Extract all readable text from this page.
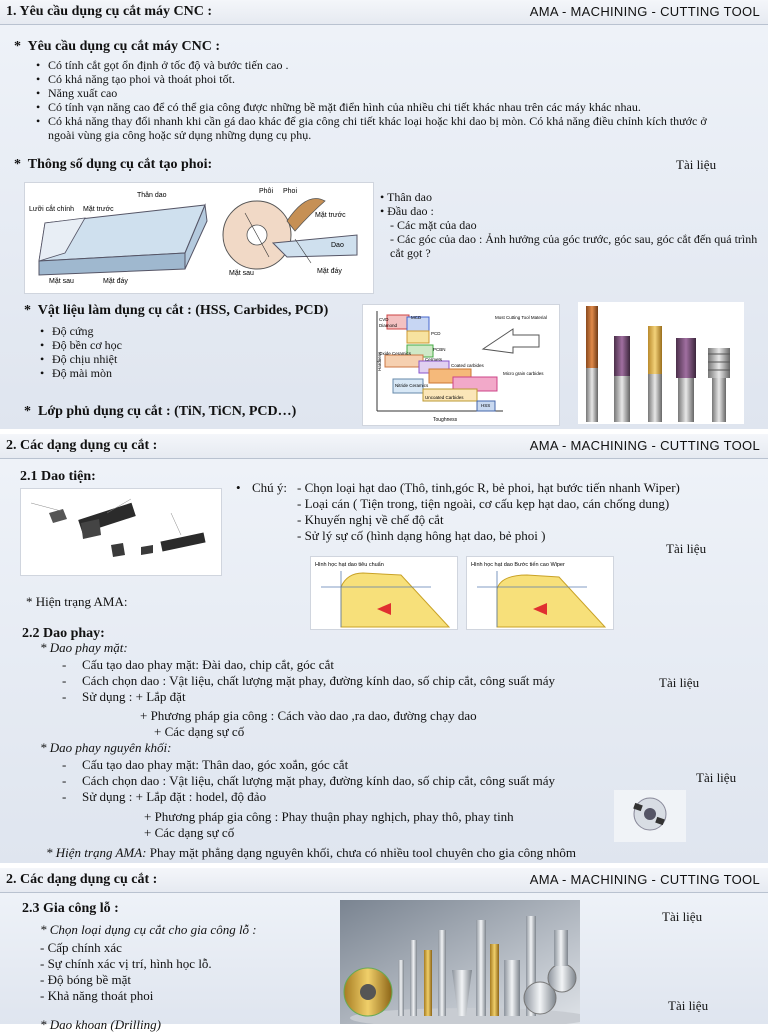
1. Yêu cầu dụng cụ cắt máy CNC :	AMA - MACHINING - CUTTING TOOL
* Yêu cầu dụng cụ cắt máy CNC :
• Có tính cắt gọt ổn định ở tốc độ và bước tiến cao .
• Có khả năng tạo phoi và thoát phoi tốt.
• Năng xuất cao
• Có tính vạn năng cao để có thể gia công được những bề mặt điển hình của nhiều chi tiết khác nhau trên các máy khác nhau.
• Có khả năng thay đổi nhanh khi cần gá dao khác để gia công chi tiết khác loại hoặc khi dao bị mòn. Có khả năng điều chỉnh kích thước ở ngoài vùng gia công hoặc sử dụng những dụng cụ phụ.
* Thông số dụng cụ cắt tạo phoi:	Tài liệu
Thân dao
Lưỡi cắt chính Mặt trước
Mặt sau	Mặt đáy
Phôi Phoi
Mặt trước
Dao
Mặt sau	Mặt đáy
• Thân dao
• Đầu dao :
- Các mặt của dao
- Các góc của dao : Ảnh hưởng của góc trước, góc sau, góc cắt đến quá trình cắt gọt ?
* Vật liệu làm dụng cụ cắt : (HSS, Carbides, PCD)
• Độ cứng
• Độ bền cơ học
• Độ chịu nhiệt
• Độ mài mòn
* Lớp phủ dụng cụ cắt : (TiN, TiCN, PCD…)
CVD
Diamond
MCD
PCD
PCBN
Oxide Ceramics
Cermets
Coated carbides
Micro grain carbides
Nitride Ceramics
Uncoated Carbides
HSS
Most Cutting Tool Material
Hardness
Toughness
2. Các dạng dụng cụ cắt :	AMA - MACHINING - CUTTING TOOL
2.1 Dao tiện:
• Chú ý: - Chọn loại hạt dao (Thô, tinh,góc R, bẻ phoi, hạt bước tiến nhanh Wiper)
- Loại cán ( Tiện trong, tiện ngoài, cơ cấu kẹp hạt dao, cán chống dung)
- Khuyến nghị về chế độ cắt
- Sử lý sự cố (hình dạng hông hạt dao, bẻ phoi )
Tài liệu
Hình học hạt dao tiêu chuẩn	Hình học hạt dao Bước tiến cao Wiper
* Hiện trạng AMA:
2.2 Dao phay:
* Dao phay mặt:
- Cấu tạo dao phay mặt: Đài dao, chip cắt, góc cắt
- Cách chọn dao : Vật liệu, chất lượng mặt phay, đường kính dao, số chip cắt, công suất máy
- Sử dụng : + Lắp đặt
+ Phương pháp gia công : Cách vào dao ,ra dao, đường chạy dao
+ Các dạng sự cố
Tài liệu
* Dao phay nguyên khối:
- Cấu tạo dao phay mặt: Thân dao, góc xoắn, góc cắt
- Cách chọn dao : Vật liệu, chất lượng mặt phay, đường kính dao, số chip cắt, công suất máy
- Sử dụng : + Lắp đặt : hodel, độ đảo
+ Phương pháp gia công : Phay thuận phay nghịch, phay thô, phay tinh
+ Các dạng sự cố
Tài liệu
* Hiện trạng AMA: Phay mặt phẳng dạng nguyên khối, chưa có nhiều tool chuyên cho gia công nhôm
2. Các dạng dụng cụ cắt :	AMA - MACHINING - CUTTING TOOL
2.3 Gia công lỗ :
* Chọn loại dụng cụ cắt cho gia công lỗ :
- Cấp chính xác
- Sự chính xác vị trí, hình học lỗ.
- Độ bóng bề mặt
- Khả năng thoát phoi
* Dao khoan (Drilling)
Tài liệu
Tài liệu
